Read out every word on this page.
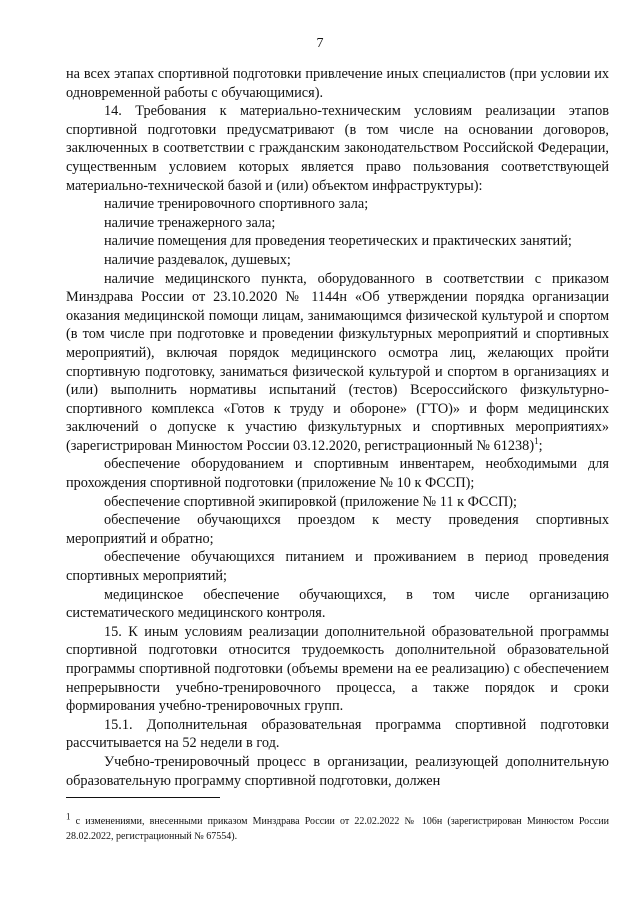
7

на всех этапах спортивной подготовки привлечение иных специалистов (при условии их одновременной работы с обучающимися).

14. Требования к материально-техническим условиям реализации этапов спортивной подготовки предусматривают (в том числе на основании договоров, заключенных в соответствии с гражданским законодательством Российской Федерации, существенным условием которых является право пользования соответствующей материально-технической базой и (или) объектом инфраструктуры):

наличие тренировочного спортивного зала;

наличие тренажерного зала;

наличие помещения для проведения теоретических и практических занятий;

наличие раздевалок, душевых;

наличие медицинского пункта, оборудованного в соответствии с приказом Минздрава России от 23.10.2020 № 1144н «Об утверждении порядка организации оказания медицинской помощи лицам, занимающимся физической культурой и спортом (в том числе при подготовке и проведении физкультурных мероприятий и спортивных мероприятий), включая порядок медицинского осмотра лиц, желающих пройти спортивную подготовку, заниматься физической культурой и спортом в организациях и (или) выполнить нормативы испытаний (тестов) Всероссийского физкультурно-спортивного комплекса «Готов к труду и обороне» (ГТО)» и форм медицинских заключений о допуске к участию физкультурных и спортивных мероприятиях» (зарегистрирован Минюстом России 03.12.2020, регистрационный № 61238)$^1$;

обеспечение оборудованием и спортивным инвентарем, необходимыми для прохождения спортивной подготовки (приложение № 10 к ФССП);

обеспечение спортивной экипировкой (приложение № 11 к ФССП);

обеспечение обучающихся проездом к месту проведения спортивных мероприятий и обратно;

обеспечение обучающихся питанием и проживанием в период проведения спортивных мероприятий;

медицинское обеспечение обучающихся, в том числе организацию систематического медицинского контроля.

15. К иным условиям реализации дополнительной образовательной программы спортивной подготовки относится трудоемкость дополнительной образовательной программы спортивной подготовки (объемы времени на ее реализацию) с обеспечением непрерывности учебно-тренировочного процесса, а также порядок и сроки формирования учебно-тренировочных групп.

15.1. Дополнительная образовательная программа спортивной подготовки рассчитывается на 52 недели в год.

Учебно-тренировочный процесс в организации, реализующей дополнительную образовательную программу спортивной подготовки, должен

$^1$ с изменениями, внесенными приказом Минздрава России от 22.02.2022 № 106н (зарегистрирован Минюстом России 28.02.2022, регистрационный № 67554).
